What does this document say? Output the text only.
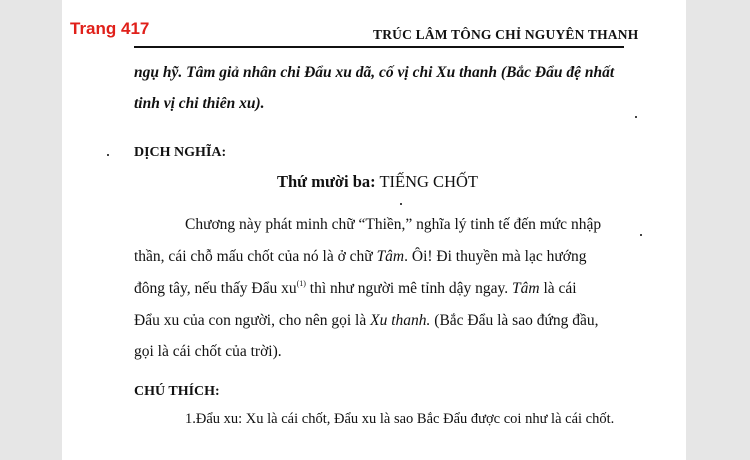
Trang 417	TRÚC LÂM TÔNG CHỈ NGUYÊN THANH
ngụ hỹ. Tâm giả nhân chi Đẩu xu dã, cố vị chi Xu thanh (Bắc Đẩu đệ nhất
tinh vị chi thiên xu).
DỊCH NGHĨA:
Thứ mười ba: TIẾNG CHỐT
Chương này phát minh chữ “Thiền,” nghĩa lý tinh tế đến mức nhập
thần, cái chỗ mấu chốt của nó là ở chữ Tâm. Ôi! Đi thuyền mà lạc hướng
đông tây, nếu thấy Đẩu $xu^{(1)}$ thì như người mê tỉnh dậy ngay. Tâm là cái
Đẩu xu của con người, cho nên gọi là Xu thanh. (Bắc Đẩu là sao đứng đầu,
gọi là cái chốt của trời).
CHÚ THÍCH:
1.Đẩu xu: Xu là cái chốt, Đẩu xu là sao Bắc Đẩu được coi như là cái chốt.
